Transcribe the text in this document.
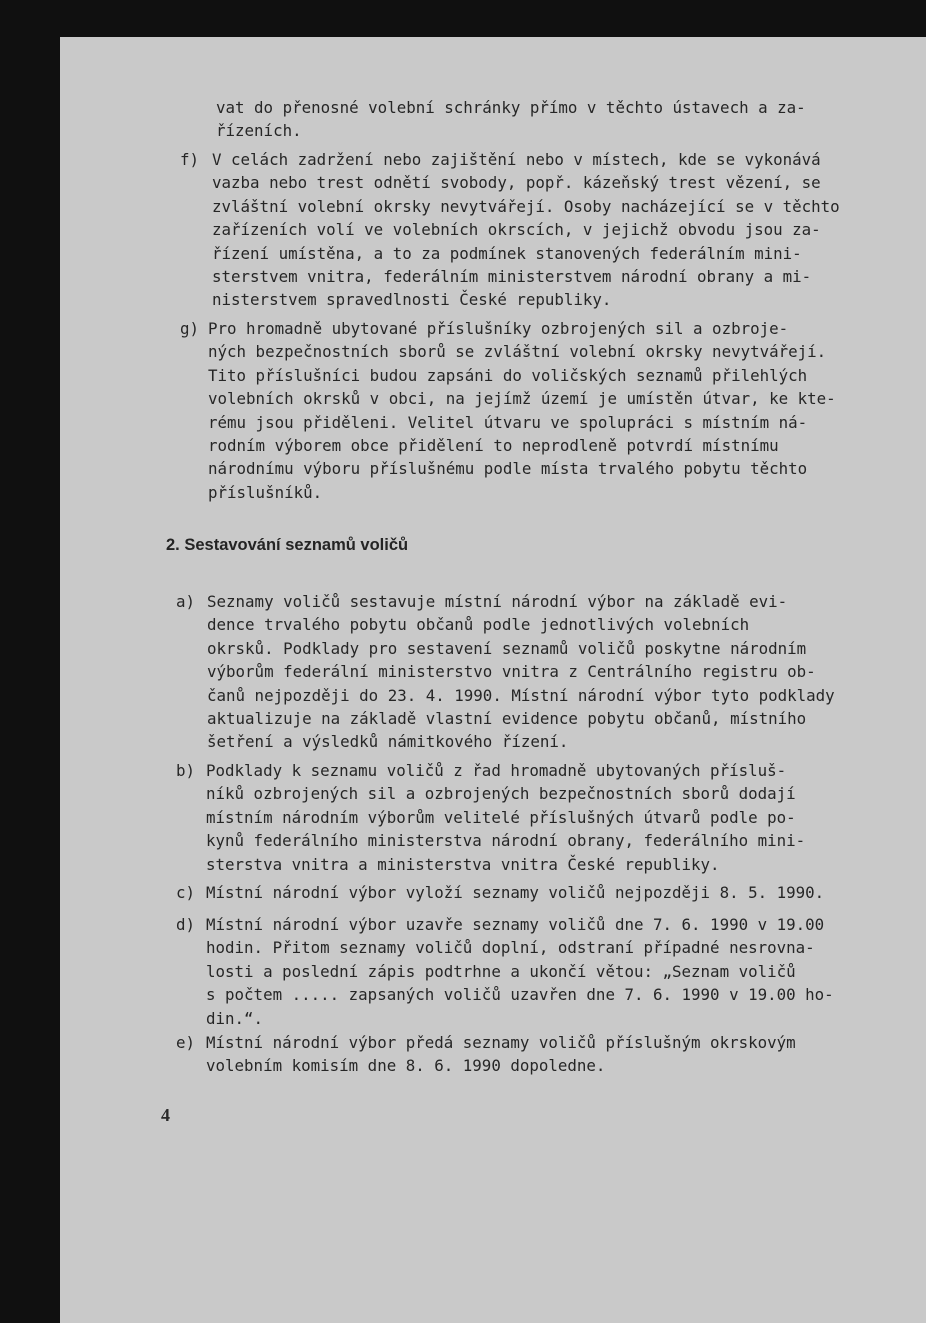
vat do přenosné volební schránky přímo v těchto ústavech a za-
řízeních.
f) V celách zadržení nebo zajištění nebo v místech, kde se vykonává
vazba nebo trest odnětí svobody, popř. kázeňský trest vězení, se
zvláštní volební okrsky nevytvářejí. Osoby nacházející se v těchto
zařízeních volí ve volebních okrscích, v jejichž obvodu jsou za-
řízení umístěna, a to za podmínek stanovených federálním mini-
sterstvem vnitra, federálním ministerstvem národní obrany a mi-
nisterstvem spravedlnosti České republiky.
g) Pro hromadně ubytované příslušníky ozbrojených sil a ozbroje-
ných bezpečnostních sborů se zvláštní volební okrsky nevytvářejí.
Tito příslušníci budou zapsáni do voličských seznamů přilehlých
volebních okrsků v obci, na jejímž území je umístěn útvar, ke kte-
rému jsou přiděleni. Velitel útvaru ve spolupráci s místním ná-
rodním výborem obce přidělení to neprodleně potvrdí místnímu
národnímu výboru příslušnému podle místa trvalého pobytu těchto
příslušníků.
2. Sestavování seznamů voličů
a) Seznamy voličů sestavuje místní národní výbor na základě evi-
dence trvalého pobytu občanů podle jednotlivých volebních
okrsků. Podklady pro sestavení seznamů voličů poskytne národním
výborům federální ministerstvo vnitra z Centrálního registru ob-
čanů nejpozději do 23. 4. 1990. Místní národní výbor tyto podklady
aktualizuje na základě vlastní evidence pobytu občanů, místního
šetření a výsledků námitkového řízení.
b) Podklady k seznamu voličů z řad hromadně ubytovaných přísluš-
níků ozbrojených sil a ozbrojených bezpečnostních sborů dodají
místním národním výborům velitelé příslušných útvarů podle po-
kynů federálního ministerstva národní obrany, federálního mini-
sterstva vnitra a ministerstva vnitra České republiky.
c) Místní národní výbor vyloží seznamy voličů nejpozději 8. 5. 1990.
d) Místní národní výbor uzavře seznamy voličů dne 7. 6. 1990 v 19.00
hodin. Přitom seznamy voličů doplní, odstraní případné nesrovna-
losti a poslední zápis podtrhne a ukončí větou: „Seznam voličů
s počtem ..... zapsaných voličů uzavřen dne 7. 6. 1990 v 19.00 ho-
din.“.
e) Místní národní výbor předá seznamy voličů příslušným okrskovým
volebním komisím dne 8. 6. 1990 dopoledne.
4
